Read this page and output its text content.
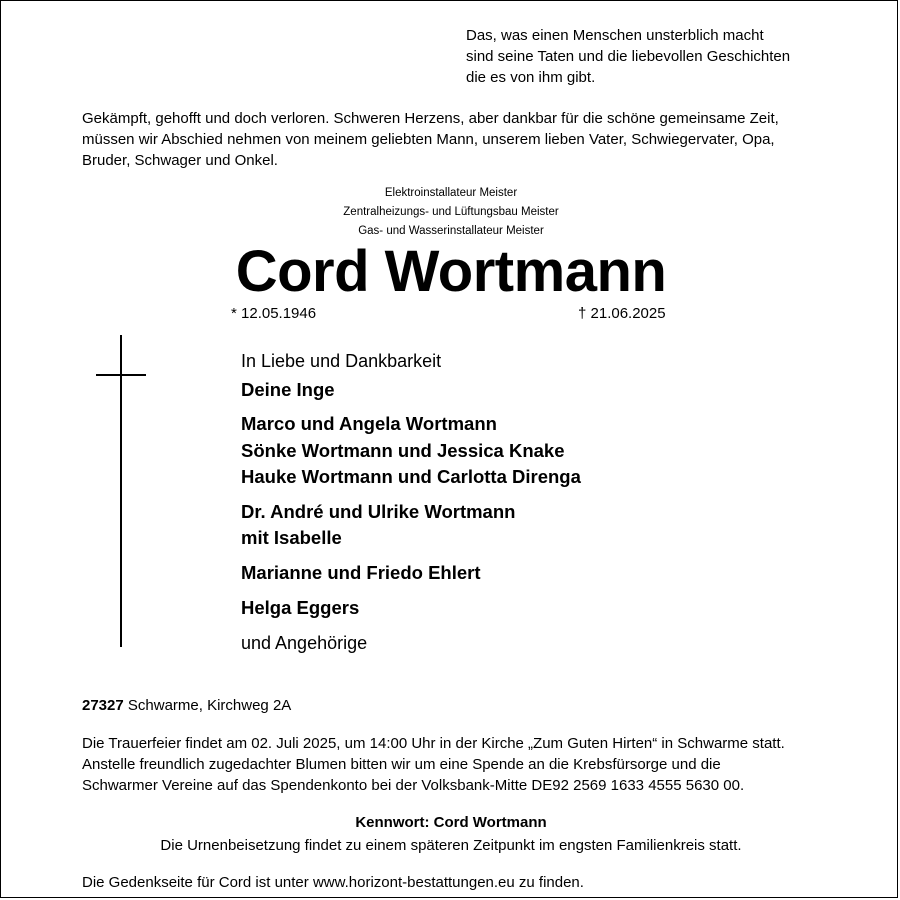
Das, was einen Menschen unsterblich macht
sind seine Taten und die liebevollen Geschichten
die es von ihm gibt.
Gekämpft, gehofft und doch verloren. Schweren Herzens, aber dankbar für die schöne gemeinsame Zeit,
müssen wir Abschied nehmen von meinem geliebten Mann, unserem lieben Vater, Schwiegervater, Opa,
Bruder, Schwager und Onkel.
Elektroinstallateur Meister
Zentralheizungs- und Lüftungsbau Meister
Gas- und Wasserinstallateur Meister
Cord Wortmann
* 12.05.1946	† 21.06.2025
In Liebe und Dankbarkeit
Deine Inge
Marco und Angela Wortmann
Sönke Wortmann und Jessica Knake
Hauke Wortmann und Carlotta Direnga
Dr. André und Ulrike Wortmann
mit Isabelle
Marianne und Friedo Ehlert
Helga Eggers
und Angehörige
27327 Schwarme, Kirchweg 2A
Die Trauerfeier findet am 02. Juli 2025, um 14:00 Uhr in der Kirche „Zum Guten Hirten“ in Schwarme statt.
Anstelle freundlich zugedachter Blumen bitten wir um eine Spende an die Krebsfürsorge und die
Schwarmer Vereine auf das Spendenkonto bei der Volksbank-Mitte DE92 2569 1633 4555 5630 00.
Kennwort: Cord Wortmann
Die Urnenbeisetzung findet zu einem späteren Zeitpunkt im engsten Familienkreis statt.
Die Gedenkseite für Cord ist unter www.horizont-bestattungen.eu zu finden.
